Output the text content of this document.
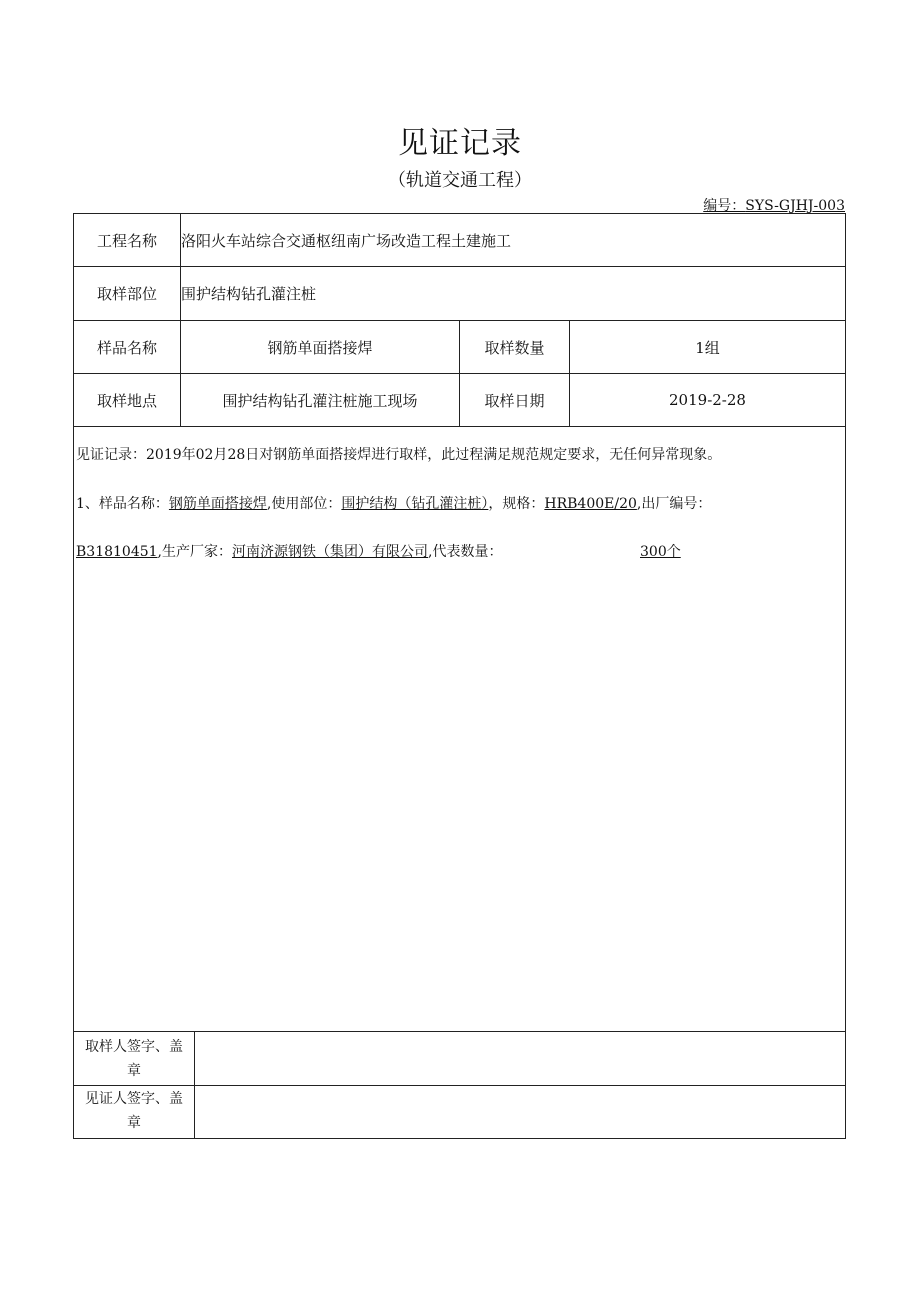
见证记录
（轨道交通工程）
编号：SYS-GJHJ-003
工程名称	洛阳火车站综合交通枢纽南广场改造工程土建施工
取样部位	围护结构钻孔灌注桩
样品名称	钢筋单面搭接焊	取样数量	1组
取样地点	围护结构钻孔灌注桩施工现场	取样日期	2019-2-28
见证记录：2019年02月28日对钢筋单面搭接焊进行取样，此过程满足规范规定要求，无任何异常现象。
1、样品名称：钢筋单面搭接焊,使用部位：围护结构（钻孔灌注桩），规格：HRB400E/20,出厂编号：
B31810451,生产厂家：河南济源钢铁（集团）有限公司,代表数量：	300个
取样人签字、盖
章
见证人签字、盖
章
